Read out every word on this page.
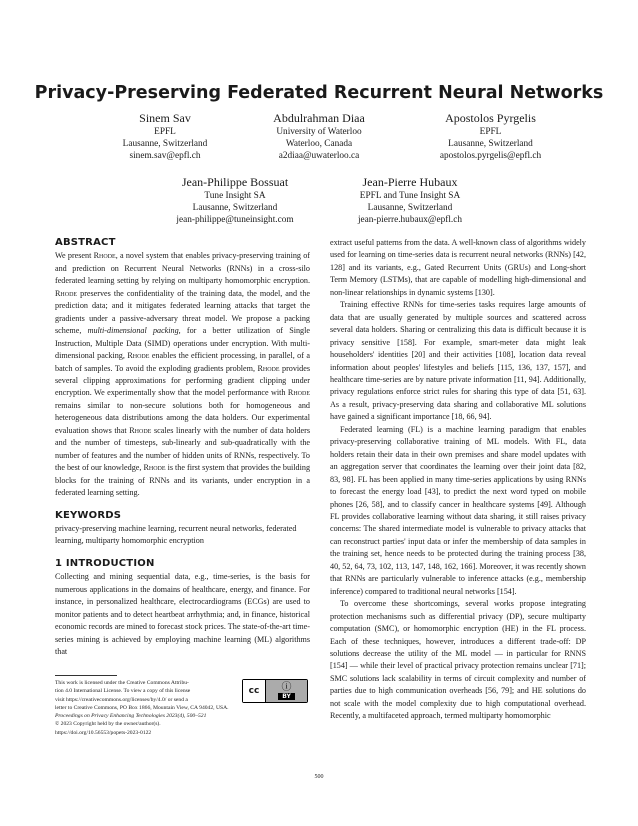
Privacy-Preserving Federated Recurrent Neural Networks
Sinem Sav
EPFL
Lausanne, Switzerland
sinem.sav@epfl.ch
Abdulrahman Diaa
University of Waterloo
Waterloo, Canada
a2diaa@uwaterloo.ca
Apostolos Pyrgelis
EPFL
Lausanne, Switzerland
apostolos.pyrgelis@epfl.ch
Jean-Philippe Bossuat
Tune Insight SA
Lausanne, Switzerland
jean-philippe@tuneinsight.com
Jean-Pierre Hubaux
EPFL and Tune Insight SA
Lausanne, Switzerland
jean-pierre.hubaux@epfl.ch
ABSTRACT

We present Rhode, a novel system that enables privacy-preserving training of and prediction on Recurrent Neural Networks (RNNs) in a cross-silo federated learning setting by relying on multiparty homomorphic encryption. Rhode preserves the confidentiality of the training data, the model, and the prediction data; and it mitigates federated learning attacks that target the gradients under a passive-adversary threat model. We propose a packing scheme, multi-dimensional packing, for a better utilization of Single Instruction, Multiple Data (SIMD) operations under encryption. With multi-dimensional packing, Rhode enables the efficient processing, in parallel, of a batch of samples. To avoid the exploding gradients problem, Rhode provides several clipping approximations for performing gradient clipping under encryption. We experimentally show that the model performance with Rhode remains similar to non-secure solutions both for homogeneous and heterogeneous data distributions among the data holders. Our experimental evaluation shows that Rhode scales linearly with the number of data holders and the number of timesteps, sub-linearly and sub-quadratically with the number of features and the number of hidden units of RNNs, respectively. To the best of our knowledge, Rhode is the first system that provides the building blocks for the training of RNNs and its variants, under encryption in a federated learning setting.

KEYWORDS

privacy-preserving machine learning, recurrent neural networks, federated learning, multiparty homomorphic encryption

1 INTRODUCTION

Collecting and mining sequential data, e.g., time-series, is the basis for numerous applications in the domains of healthcare, energy, and finance. For instance, in personalized healthcare, electrocardiograms (ECGs) are used to monitor patients and to detect heartbeat arrhythmia; and, in finance, historical economic records are mined to forecast stock prices. The state-of-the-art time-series mining is achieved by employing machine learning (ML) algorithms that

This work is licensed under the Creative Commons Attribu-
tion 4.0 International License. To view a copy of this license
visit https://creativecommons.org/licenses/by/4.0/ or send a
letter to Creative Commons, PO Box 1866, Mountain View, CA 94042, USA.
Proceedings on Privacy Enhancing Technologies 2023(4), 500–521
© 2023 Copyright held by the owner/author(s).
https://doi.org/10.56553/popets-2023-0122
cc	ⓘ
BY

extract useful patterns from the data. A well-known class of algorithms widely used for learning on time-series data is recurrent neural networks (RNNs) [42, 128] and its variants, e.g., Gated Recurrent Units (GRUs) and Long-short Term Memory (LSTMs), that are capable of modelling high-dimensional and non-linear relationships in dynamic systems [130].

Training effective RNNs for time-series tasks requires large amounts of data that are usually generated by multiple sources and scattered across several data holders. Sharing or centralizing this data is difficult because it is privacy sensitive [158]. For example, smart-meter data might leak householders' identities [20] and their activities [108], location data reveal information about peoples' lifestyles and beliefs [115, 136, 137, 157], and healthcare time-series are by nature private information [11, 94]. Additionally, privacy regulations enforce strict rules for sharing this type of data [51, 63]. As a result, privacy-preserving data sharing and collaborative ML solutions have gained a significant importance [18, 66, 94].

Federated learning (FL) is a machine learning paradigm that enables privacy-preserving collaborative training of ML models. With FL, data holders retain their data in their own premises and share model updates with an aggregation server that coordinates the learning over their joint data [82, 83, 98]. FL has been applied in many time-series applications by using RNNs to forecast the energy load [43], to predict the next word typed on mobile phones [26, 58], and to classify cancer in healthcare systems [49]. Although FL provides collaborative learning without data sharing, it still raises privacy concerns: The shared intermediate model is vulnerable to privacy attacks that can reconstruct parties' input data or infer the membership of data samples in the training set, hence needs to be protected during the training process [38, 40, 52, 64, 73, 102, 113, 147, 148, 162, 166]. Moreover, it was recently shown that RNNs are particularly vulnerable to inference attacks (e.g., membership inference) compared to traditional neural networks [154].

To overcome these shortcomings, several works propose integrating protection mechanisms such as differential privacy (DP), secure multiparty computation (SMC), or homomorphic encryption (HE) in the FL process. Each of these techniques, however, introduces a different trade-off: DP solutions decrease the utility of the ML model — in particular for RNNS [154] — while their level of practical privacy protection remains unclear [71]; SMC solutions lack scalability in terms of circuit complexity and number of parties due to high communication overheads [56, 79]; and HE solutions do not scale with the model complexity due to high computational overhead. Recently, a multifaceted approach, termed multiparty homomorphic

500
